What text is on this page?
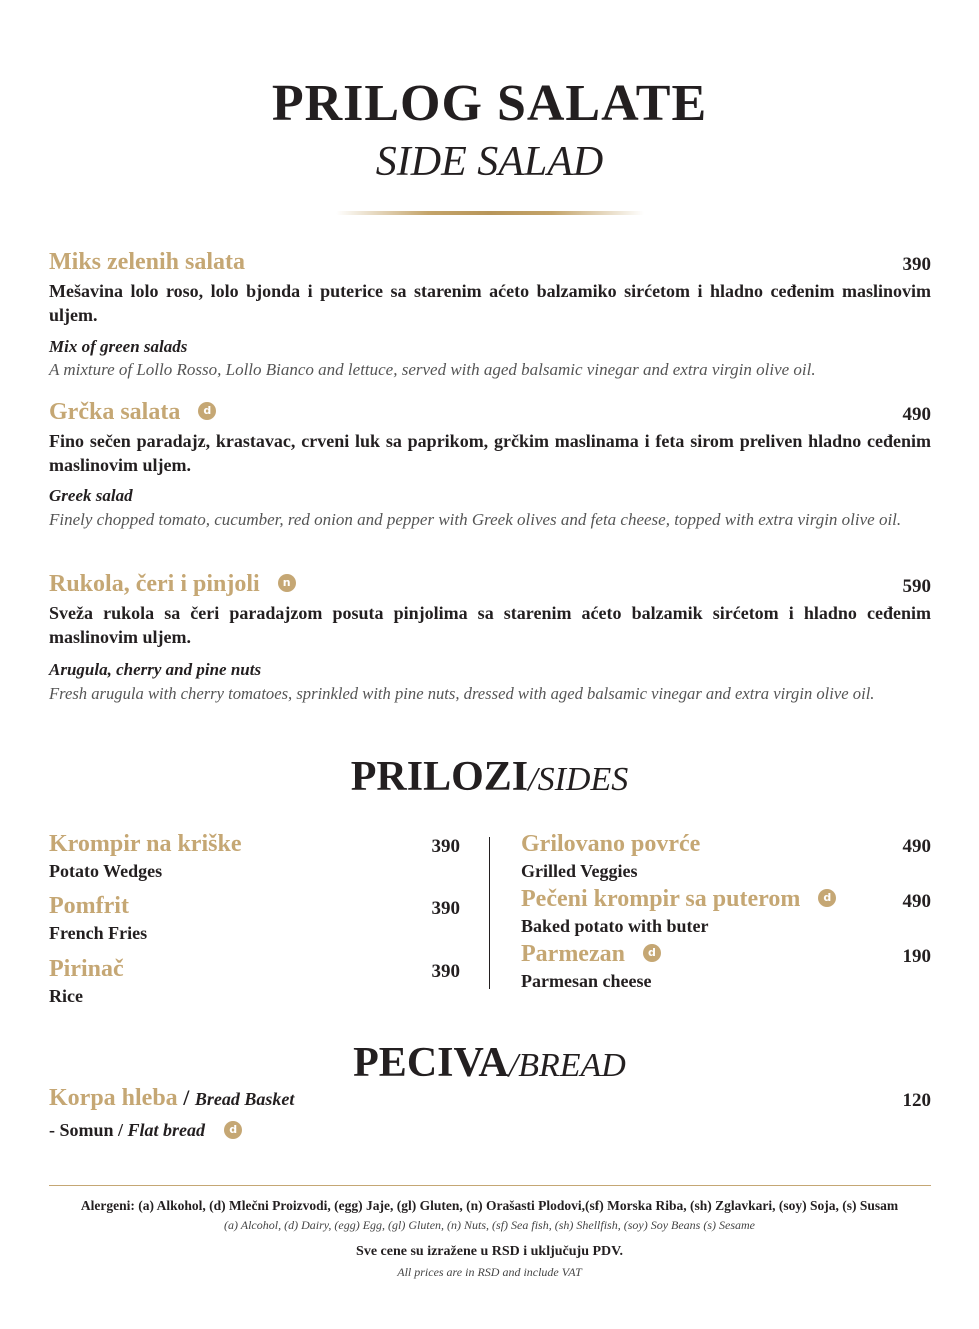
PRILOG SALATE
SIDE SALAD
Miks zelenih salata	390
Mešavina lolo roso, lolo bjonda i puterice sa starenim aćeto balzamiko sirćetom i hladno ceđenim maslinovim uljem.
Mix of green salads
A mixture of Lollo Rosso, Lollo Bianco and lettuce, served with aged balsamic vinegar and extra virgin olive oil.
Grčka salata d	490
Fino sečen paradajz, krastavac, crveni luk sa paprikom, grčkim maslinama i feta sirom preliven hladno ceđenim maslinovim uljem.
Greek salad
Finely chopped tomato, cucumber, red onion and pepper with Greek olives and feta cheese, topped with extra virgin olive oil.
Rukola, čeri i pinjoli n	590
Sveža rukola sa čeri paradajzom posuta pinjolima sa starenim aćeto balzamik sirćetom i hladno ceđenim maslinovim uljem.
Arugula, cherry and pine nuts
Fresh arugula with cherry tomatoes, sprinkled with pine nuts, dressed with aged balsamic vinegar and extra virgin olive oil.
PRILOZI/SIDES
Krompir na kriške	390
Potato Wedges
Pomfrit	390
French Fries
Pirinač	390
Rice
Grilovano povrće	490
Grilled Veggies
Pečeni krompir sa puterom d	490
Baked potato with buter
Parmezan d	190
Parmesan cheese
PECIVA/BREAD
Korpa hleba / Bread Basket	120
- Somun / Flat bread d
Alergeni: (a) Alkohol, (d) Mlečni Proizvodi, (egg) Jaje, (gl) Gluten, (n) Orašasti Plodovi,(sf) Morska Riba, (sh) Zglavkari, (soy) Soja, (s) Susam
(a) Alcohol, (d) Dairy, (egg) Egg, (gl) Gluten, (n) Nuts, (sf) Sea fish, (sh) Shellfish, (soy) Soy Beans (s) Sesame
Sve cene su izražene u RSD i uključuju PDV.
All prices are in RSD and include VAT
